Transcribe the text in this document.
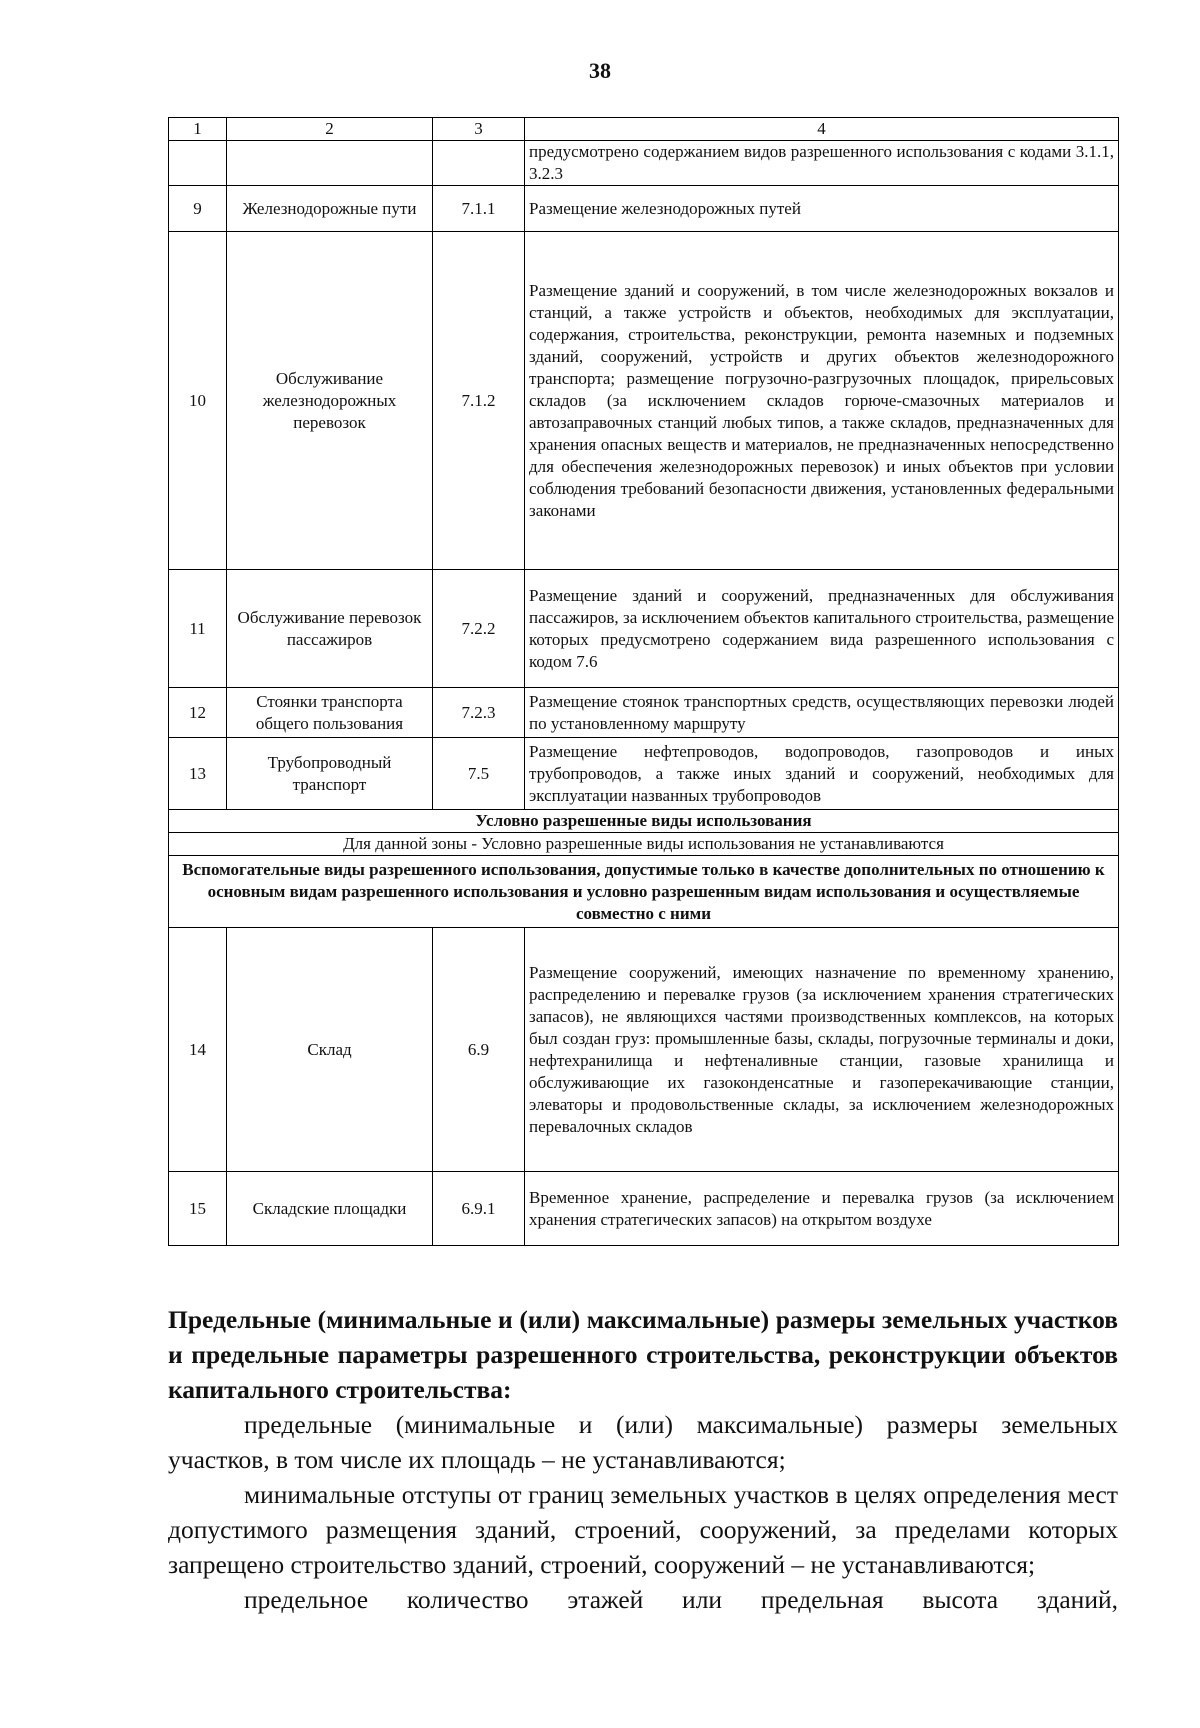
38
1	2	3	4
			предусмотрено содержанием видов разрешенного использования с кодами 3.1.1, 3.2.3
9	Железнодорожные пути	7.1.1	Размещение железнодорожных путей
10	Обслуживание железнодорожных перевозок	7.1.2	Размещение зданий и сооружений, в том числе железнодорожных вокзалов и станций, а также устройств и объектов, необходимых для эксплуатации, содержания, строительства, реконструкции, ремонта наземных и подземных зданий, сооружений, устройств и других объектов железнодорожного транспорта; размещение погрузочно-разгрузочных площадок, прирельсовых складов (за исключением складов горюче-смазочных материалов и автозаправочных станций любых типов, а также складов, предназначенных для хранения опасных веществ и материалов, не предназначенных непосредственно для обеспечения железнодорожных перевозок) и иных объектов при условии соблюдения требований безопасности движения, установленных федеральными законами
11	Обслуживание перевозок пассажиров	7.2.2	Размещение зданий и сооружений, предназначенных для обслуживания пассажиров, за исключением объектов капитального строительства, размещение которых предусмотрено содержанием вида разрешенного использования с кодом 7.6
12	Стоянки транспорта общего пользования	7.2.3	Размещение стоянок транспортных средств, осуществляющих перевозки людей по установленному маршруту
13	Трубопроводный транспорт	7.5	Размещение нефтепроводов, водопроводов, газопроводов и иных трубопроводов, а также иных зданий и сооружений, необходимых для эксплуатации названных трубопроводов
Условно разрешенные виды использования			
Для данной зоны - Условно разрешенные виды использования не устанавливаются			
Вспомогательные виды разрешенного использования, допустимые только в качестве дополнительных по отношению к основным видам разрешенного использования и условно разрешенным видам использования и осуществляемые совместно с ними			
14	Склад	6.9	Размещение сооружений, имеющих назначение по временному хранению, распределению и перевалке грузов (за исключением хранения стратегических запасов), не являющихся частями производственных комплексов, на которых был создан груз: промышленные базы, склады, погрузочные терминалы и доки, нефтехранилища и нефтеналивные станции, газовые хранилища и обслуживающие их газоконденсатные и газоперекачивающие станции, элеваторы и продовольственные склады, за исключением железнодорожных перевалочных складов
15	Складские площадки	6.9.1	Временное хранение, распределение и перевалка грузов (за исключением хранения стратегических запасов) на открытом воздухе

Предельные (минимальные и (или) максимальные) размеры земельных участков и предельные параметры разрешенного строительства, реконструкции объектов капитального строительства:

предельные (минимальные и (или) максимальные) размеры земельных участков, в том числе их площадь – не устанавливаются;

минимальные отступы от границ земельных участков в целях определения мест допустимого размещения зданий, строений, сооружений, за пределами которых запрещено строительство зданий, строений, сооружений – не устанавливаются;

предельное количество этажей или предельная высота зданий,
